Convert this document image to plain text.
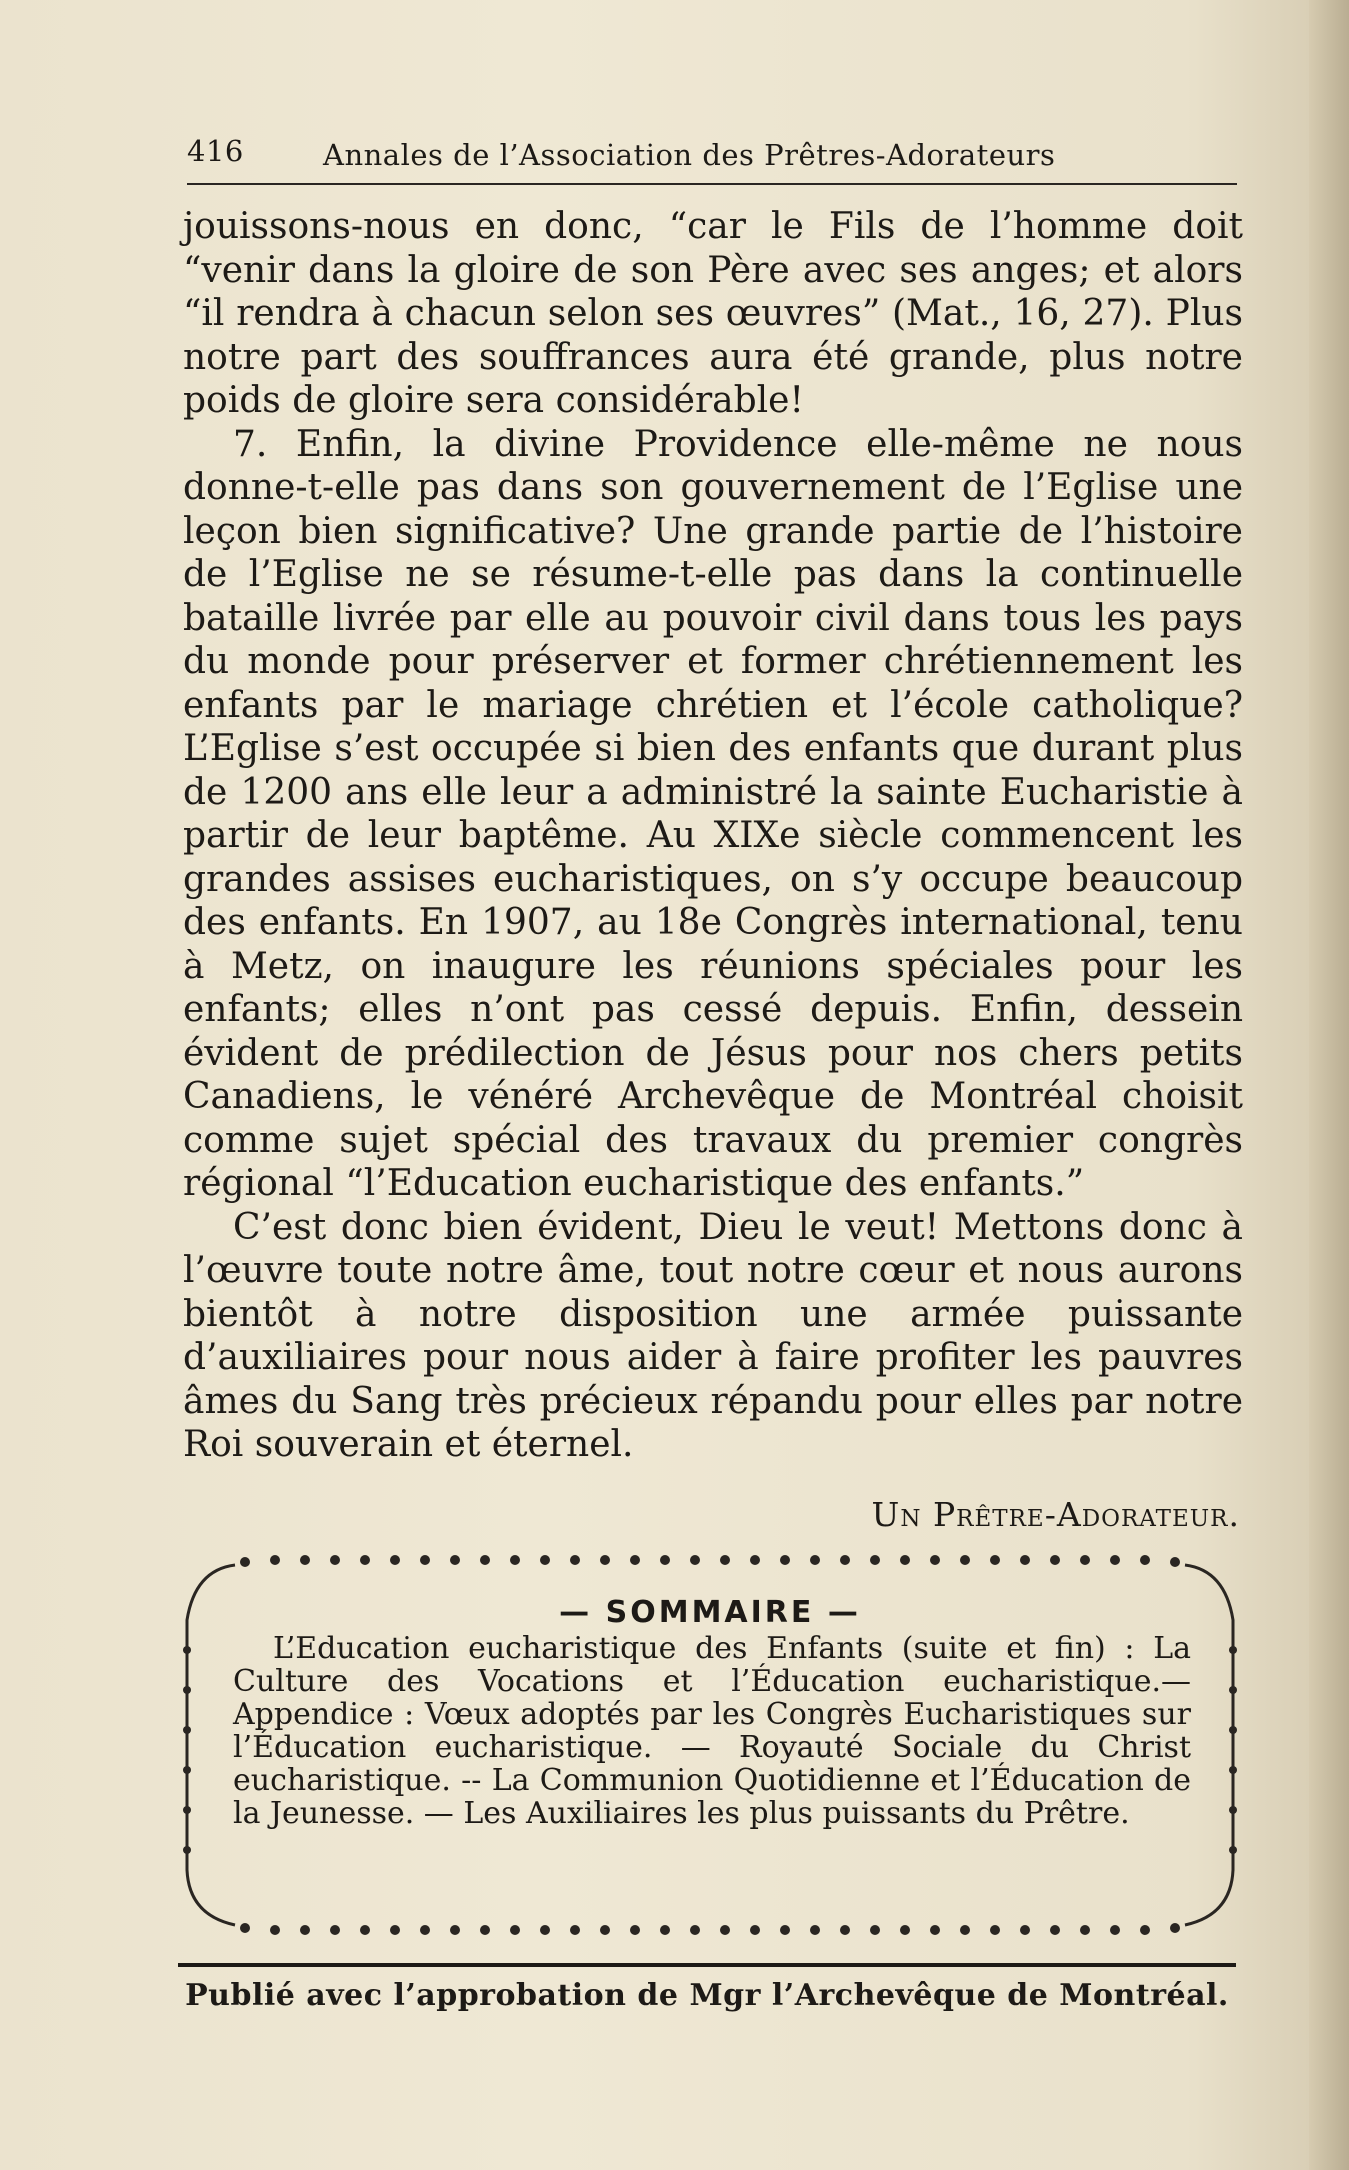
416	Annales de l’Association des Prêtres-Adorateurs

jouissons-nous en donc, “car le Fils de l’homme doit “venir dans la gloire de son Père avec ses anges; et alors “il rendra à chacun selon ses œuvres” (Mat., 16, 27). Plus notre part des souffrances aura été grande, plus notre poids de gloire sera considérable!

7. Enfin, la divine Providence elle-même ne nous donne-t-elle pas dans son gouvernement de l’Eglise une leçon bien significative? Une grande partie de l’histoire de l’Eglise ne se résume-t-elle pas dans la continuelle bataille livrée par elle au pouvoir civil dans tous les pays du monde pour préserver et former chrétiennement les enfants par le mariage chrétien et l’école catholique? L’Eglise s’est occupée si bien des enfants que durant plus de 1200 ans elle leur a administré la sainte Eucharistie à partir de leur baptême. Au XIXe siècle commencent les grandes assises eucharistiques, on s’y occupe beaucoup des enfants. En 1907, au 18e Congrès international, tenu à Metz, on inaugure les réunions spéciales pour les enfants; elles n’ont pas cessé depuis. Enfin, dessein évident de prédilection de Jésus pour nos chers petits Canadiens, le vénéré Archevêque de Montréal choisit comme sujet spécial des travaux du premier congrès régional “l’Education eucharistique des enfants.”

C’est donc bien évident, Dieu le veut! Mettons donc à l’œuvre toute notre âme, tout notre cœur et nous aurons bientôt à notre disposition une armée puissante d’auxiliaires pour nous aider à faire profiter les pauvres âmes du Sang très précieux répandu pour elles par notre Roi souverain et éternel.

Un Prêtre-Adorateur.
— SOMMAIRE —

L’Education eucharistique des Enfants (suite et fin) : La Culture des Vocations et l’Éducation eucharistique.— Appendice : Vœux adoptés par les Congrès Eucharistiques sur l’Éducation eucharistique. — Royauté Sociale du Christ eucharistique. -- La Communion Quotidienne et l’Éducation de la Jeunesse. — Les Auxiliaires les plus puissants du Prêtre.

Publié avec l’approbation de Mgr l’Archevêque de Montréal.
